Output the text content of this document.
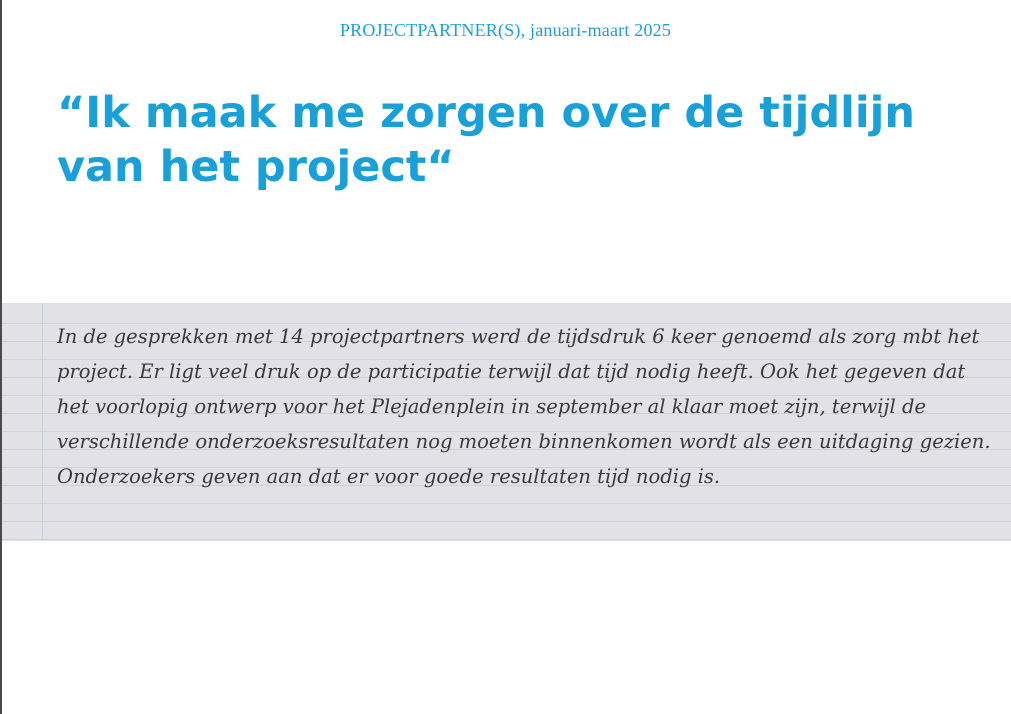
PROJECTPARTNER(S), januari-maart 2025
“Ik maak me zorgen over de tijdlijn van het project“

In de gesprekken met 14 projectpartners werd de tijdsdruk 6 keer genoemd als zorg mbt het project. Er ligt veel druk op de participatie terwijl dat tijd nodig heeft. Ook het gegeven dat het voorlopig ontwerp voor het Plejadenplein in september al klaar moet zijn, terwijl de verschillende onderzoeksresultaten nog moeten binnenkomen wordt als een uitdaging gezien. Onderzoekers geven aan dat er voor goede resultaten tijd nodig is.
